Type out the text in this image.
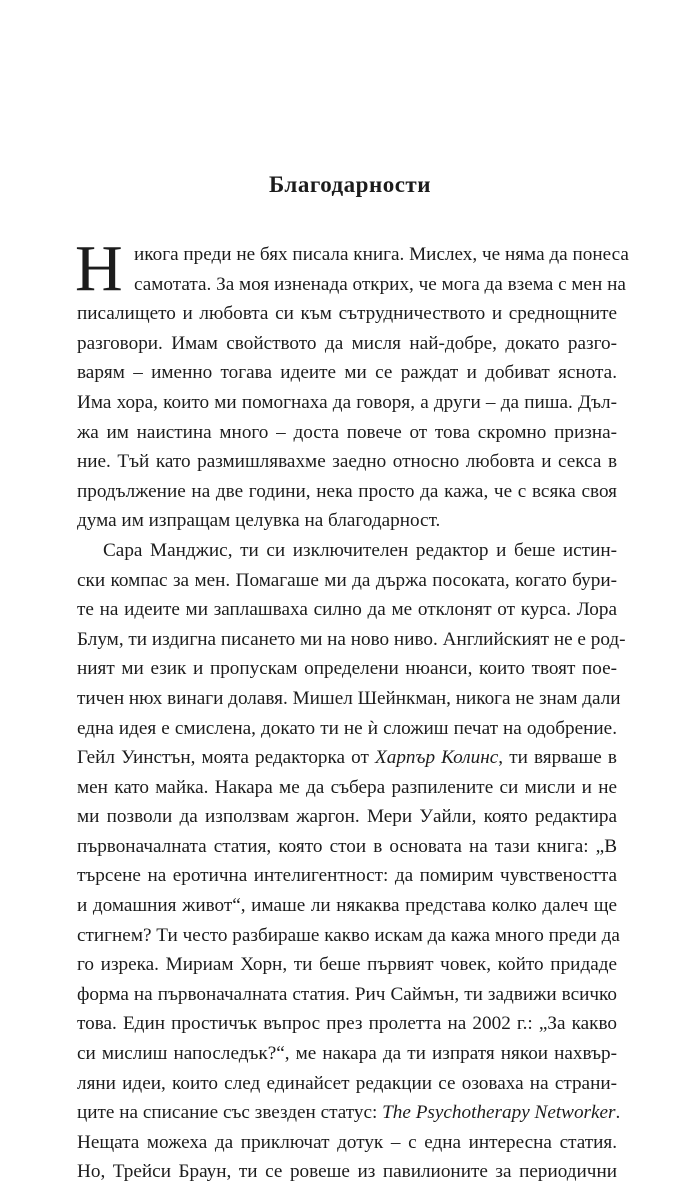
Благодарности
Н икога преди не бях писала книга. Мислех, че няма да понеса
самотата. За моя изненада открих, че мога да взема с мен на
писалището и любовта си към сътрудничеството и среднощните
разговори. Имам свойството да мисля най-добре, докато разго-
варям – именно тогава идеите ми се раждат и добиват яснота.
Има хора, които ми помогнаха да говоря, а други – да пиша. Дъл-
жа им наистина много – доста повече от това скромно призна-
ние. Тъй като размишлявахме заедно относно любовта и секса в
продължение на две години, нека просто да кажа, че с всяка своя
дума им изпращам целувка на благодарност.
Сара Манджис, ти си изключителен редактор и беше истин-
ски компас за мен. Помагаше ми да държа посоката, когато бури-
те на идеите ми заплашваха силно да ме отклонят от курса. Лора
Блум, ти издигна писането ми на ново ниво. Английският не е род-
ният ми език и пропускам определени нюанси, които твоят пое-
тичен нюх винаги долавя. Мишел Шейнкман, никога не знам дали
една идея е смислена, докато ти не ѝ сложиш печат на одобрение.
Гейл Уинстън, моята редакторка от Харпър Колинс, ти вярваше в
мен като майка. Накара ме да събера разпилените си мисли и не
ми позволи да използвам жаргон. Мери Уайли, която редактира
първоначалната статия, която стои в основата на тази книга: „В
търсене на еротична интелигентност: да помирим чувствеността
и домашния живот“, имаше ли някаква представа колко далеч ще
стигнем? Ти често разбираше какво искам да кажа много преди да
го изрека. Мириам Хорн, ти беше първият човек, който придаде
форма на първоначалната статия. Рич Саймън, ти задвижи всичко
това. Един простичък въпрос през пролетта на 2002 г.: „За какво
си мислиш напоследък?“, ме накара да ти изпратя някои нахвър-
ляни идеи, които след единайсет редакции се озоваха на страни-
ците на списание със звезден статус: The Psychotherapy Networker.
Нещата можеха да приключат дотук – с една интересна статия.
Но, Трейси Браун, ти се ровеше из павилионите за периодични
